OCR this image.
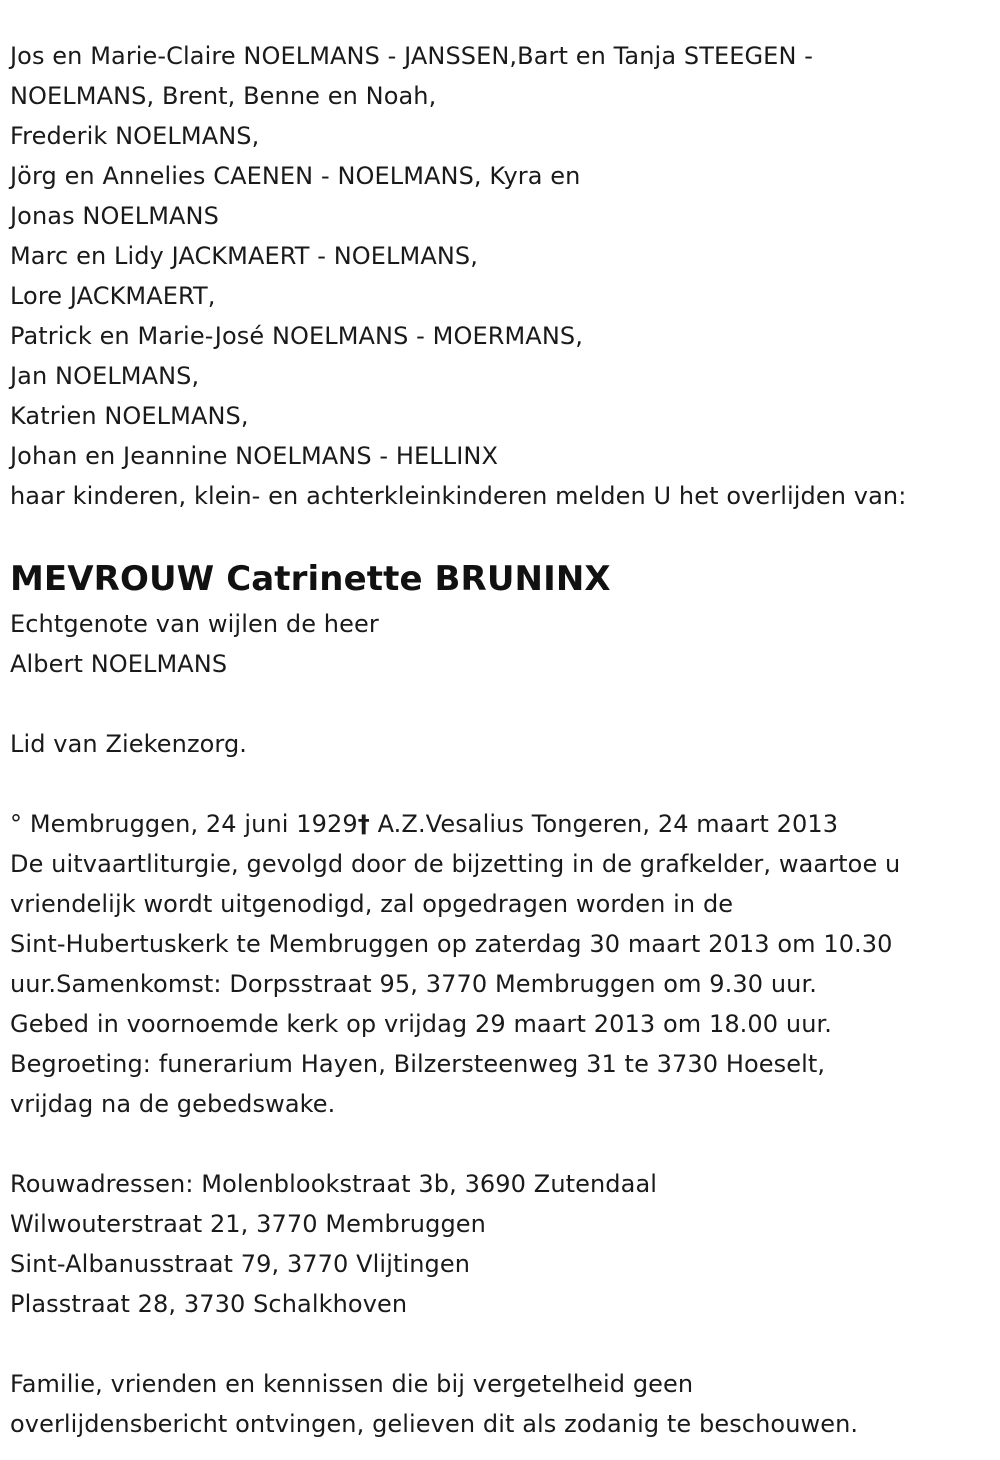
Jos en Marie-Claire NOELMANS - JANSSEN,Bart en Tanja STEEGEN -
NOELMANS, Brent, Benne en Noah,
Frederik NOELMANS,
Jörg en Annelies CAENEN - NOELMANS, Kyra en
Jonas NOELMANS
Marc en Lidy JACKMAERT - NOELMANS,
Lore JACKMAERT,
Patrick en Marie-José NOELMANS - MOERMANS,
Jan NOELMANS,
Katrien NOELMANS,
Johan en Jeannine NOELMANS - HELLINX
haar kinderen, klein- en achterkleinkinderen melden U het overlijden van:
MEVROUW Catrinette BRUNINX
Echtgenote van wijlen de heer
Albert NOELMANS
Lid van Ziekenzorg.
° Membruggen, 24 juni 1929† A.Z.Vesalius Tongeren, 24 maart 2013
De uitvaartliturgie, gevolgd door de bijzetting in de grafkelder, waartoe u
vriendelijk wordt uitgenodigd, zal opgedragen worden in de
Sint-Hubertuskerk te Membruggen op zaterdag 30 maart 2013 om 10.30
uur.Samenkomst: Dorpsstraat 95, 3770 Membruggen om 9.30 uur.
Gebed in voornoemde kerk op vrijdag 29 maart 2013 om 18.00 uur.
Begroeting: funerarium Hayen, Bilzersteenweg 31 te 3730 Hoeselt,
vrijdag na de gebedswake.
Rouwadressen: Molenblookstraat 3b, 3690 Zutendaal
Wilwouterstraat 21, 3770 Membruggen
Sint-Albanusstraat 79, 3770 Vlijtingen
Plasstraat 28, 3730 Schalkhoven
Familie, vrienden en kennissen die bij vergetelheid geen
overlijdensbericht ontvingen, gelieven dit als zodanig te beschouwen.
